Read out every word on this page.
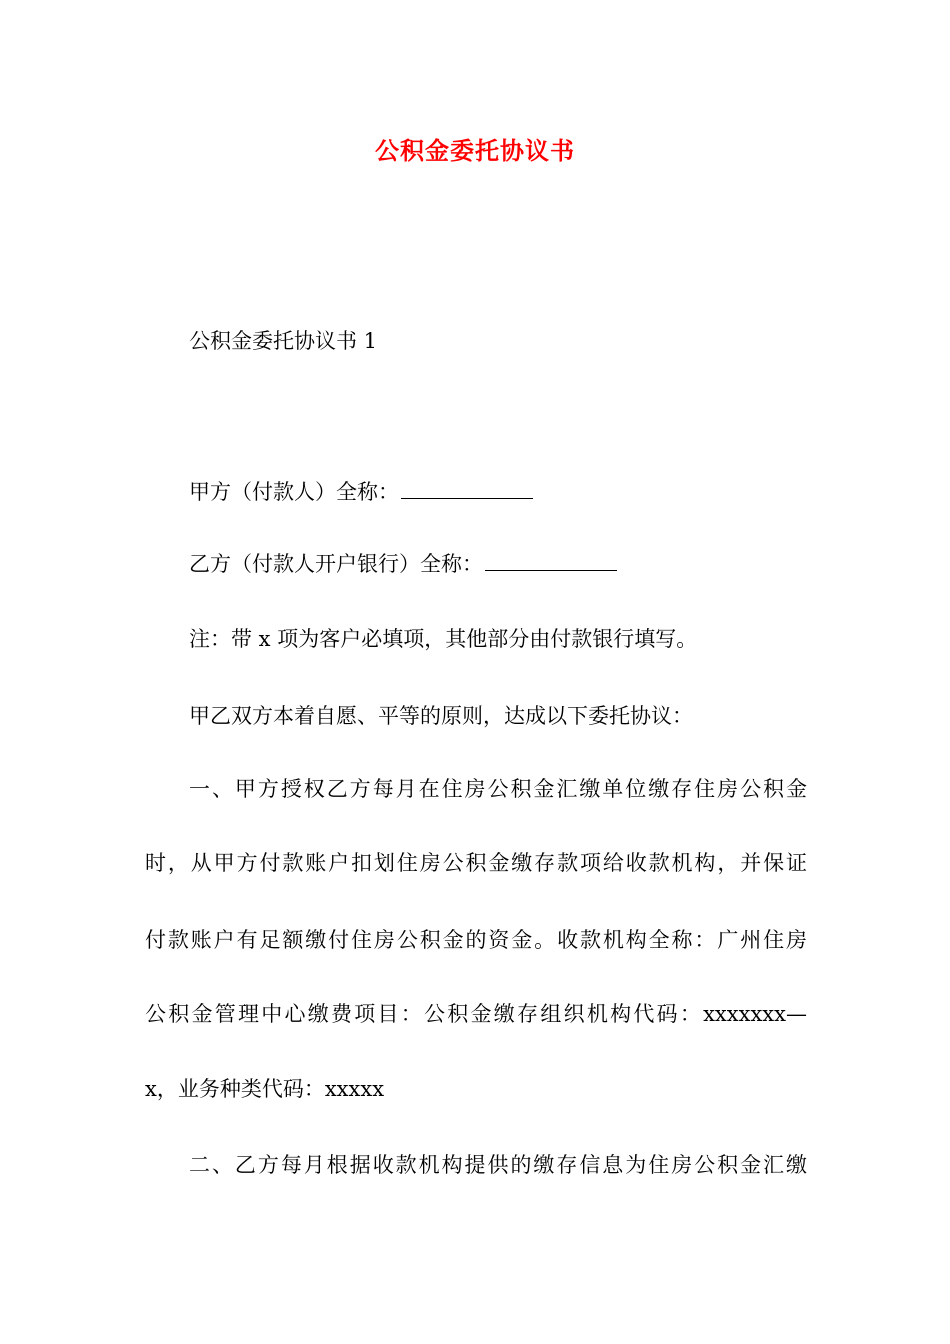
公积金委托协议书
公积金委托协议书 1
甲方（付款人）全称：
乙方（付款人开户银行）全称：
注：带 x 项为客户必填项，其他部分由付款银行填写。
甲乙双方本着自愿、平等的原则，达成以下委托协议：
一、甲方授权乙方每月在住房公积金汇缴单位缴存住房公积金
时，从甲方付款账户扣划住房公积金缴存款项给收款机构，并保证
付款账户有足额缴付住房公积金的资金。收款机构全称：广州住房
公积金管理中心缴费项目：公积金缴存组织机构代码：xxxxxxx—
x，业务种类代码：xxxxx
二、乙方每月根据收款机构提供的缴存信息为住房公积金汇缴
